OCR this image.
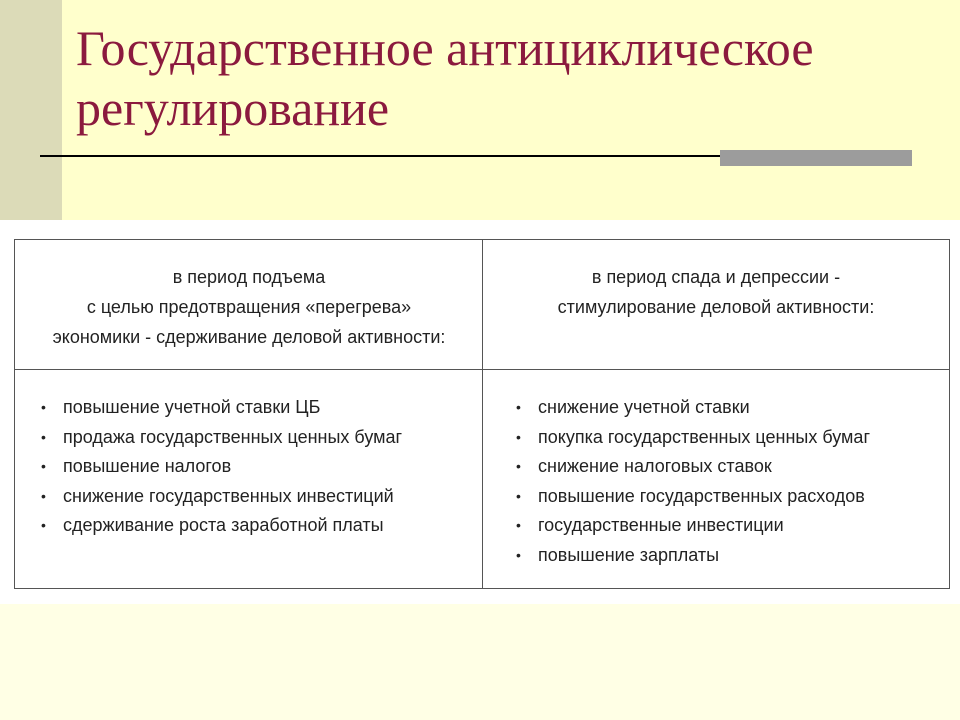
Государственное антициклическое регулирование
в период подъема
с целью предотвращения «перегрева»
экономики - сдерживание деловой активности:
в период спада и депрессии -
стимулирование деловой активности:
• повышение учетной ставки ЦБ
• продажа государственных ценных бумаг
• повышение налогов
• снижение государственных инвестиций
• сдерживание роста заработной платы
• снижение учетной ставки
• покупка государственных ценных бумаг
• снижение налоговых ставок
• повышение государственных расходов
• государственные инвестиции
• повышение зарплаты
